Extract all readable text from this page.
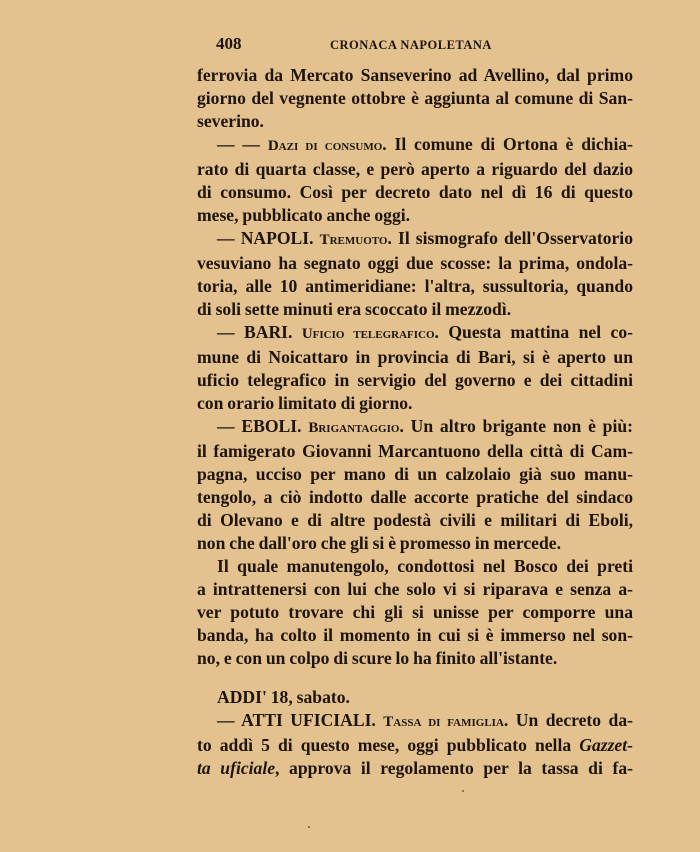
408	CRONACA NAPOLETANA
ferrovia da Mercato Sanseverino ad Avellino, dal primo
giorno del vegnente ottobre è aggiunta al comune di San-
severino.
— — Dazi di consumo. Il comune di Ortona è dichia-
rato di quarta classe, e però aperto a riguardo del dazio
di consumo. Così per decreto dato nel dì 16 di questo
mese, pubblicato anche oggi.
— NAPOLI. Tremuoto. Il sismografo dell'Osservatorio
vesuviano ha segnato oggi due scosse: la prima, ondola-
toria, alle 10 antimeridiane: l'altra, sussultoria, quando
di soli sette minuti era scoccato il mezzodì.
— BARI. Uficio telegrafico. Questa mattina nel co-
mune di Noicattaro in provincia di Bari, si è aperto un
uficio telegrafico in servigio del governo e dei cittadini
con orario limitato di giorno.
— EBOLI. Brigantaggio. Un altro brigante non è più:
il famigerato Giovanni Marcantuono della città di Cam-
pagna, ucciso per mano di un calzolaio già suo manu-
tengolo, a ciò indotto dalle accorte pratiche del sindaco
di Olevano e di altre podestà civili e militari di Eboli,
non che dall'oro che gli si è promesso in mercede.
Il quale manutengolo, condottosi nel Bosco dei preti
a intrattenersi con lui che solo vi si riparava e senza a-
ver potuto trovare chi gli si unisse per comporre una
banda, ha colto il momento in cui si è immerso nel son-
no, e con un colpo di scure lo ha finito all'istante.
ADDI' 18, sabato.
— ATTI UFICIALI. Tassa di famiglia. Un decreto da-
to addì 5 di questo mese, oggi pubblicato nella Gazzet-
ta uficiale, approva il regolamento per la tassa di fa-
